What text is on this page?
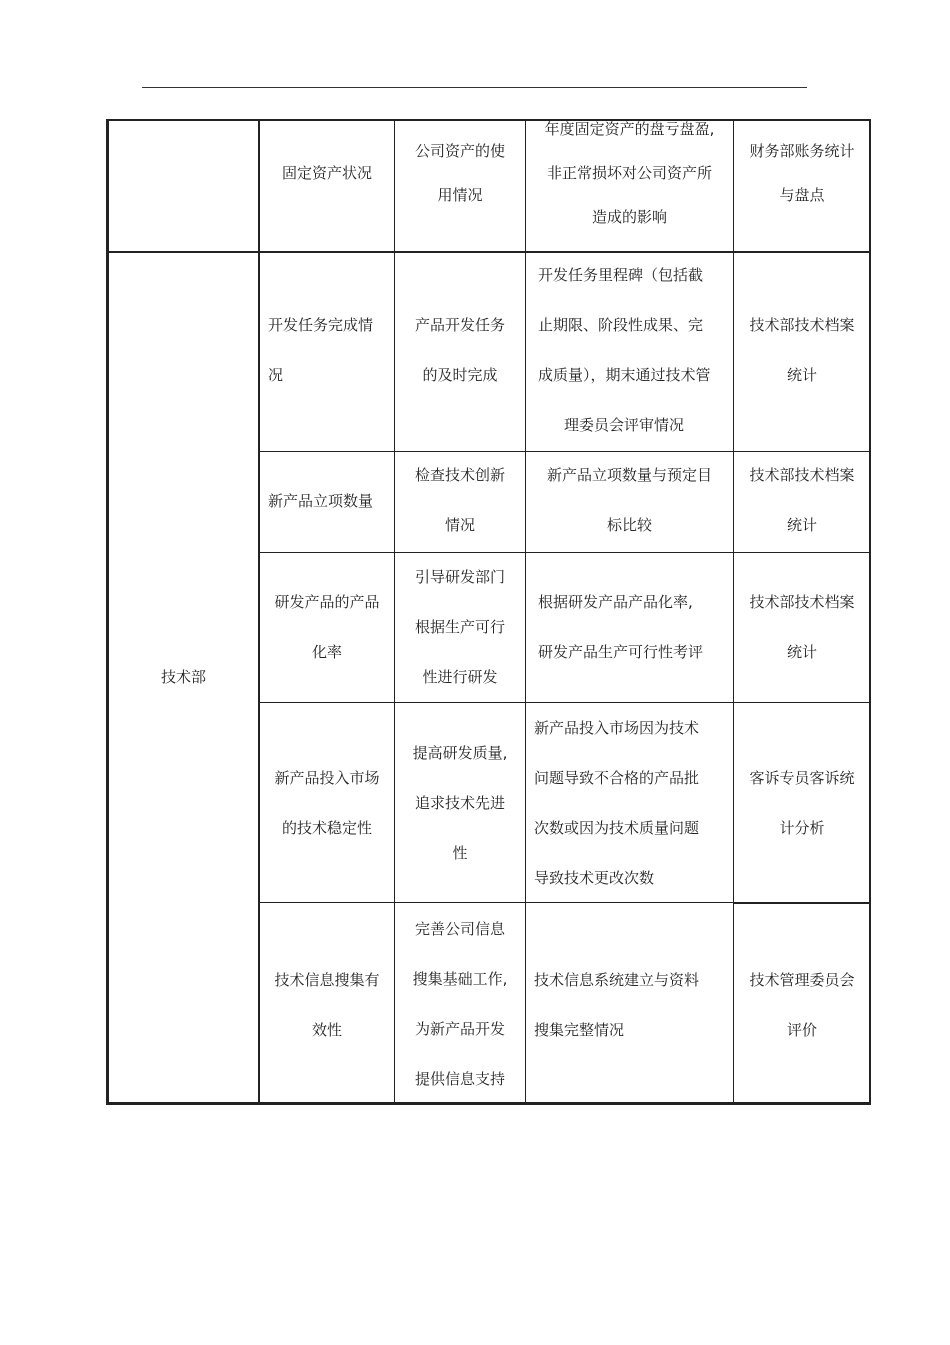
固定资产状况
公司资产的使
用情况
年度固定资产的盘亏盘盈,
非正常损坏对公司资产所
造成的影响
财务部账务统计
与盘点
技术部
开发任务完成情
况
产品开发任务
的及时完成
开发任务里程碑（包括截
止期限、阶段性成果、完
成质量），期末通过技术管
理委员会评审情况
技术部技术档案
统计
新产品立项数量
检查技术创新
情况
新产品立项数量与预定目
标比较
技术部技术档案
统计
研发产品的产品
化率
引导研发部门
根据生产可行
性进行研发
根据研发产品产品化率,
研发产品生产可行性考评
技术部技术档案
统计
新产品投入市场
的技术稳定性
提高研发质量,
追求技术先进
性
新产品投入市场因为技术
问题导致不合格的产品批
次数或因为技术质量问题
导致技术更改次数
客诉专员客诉统
计分析
技术信息搜集有
效性
完善公司信息
搜集基础工作,
为新产品开发
提供信息支持
技术信息系统建立与资料
搜集完整情况
技术管理委员会
评价
